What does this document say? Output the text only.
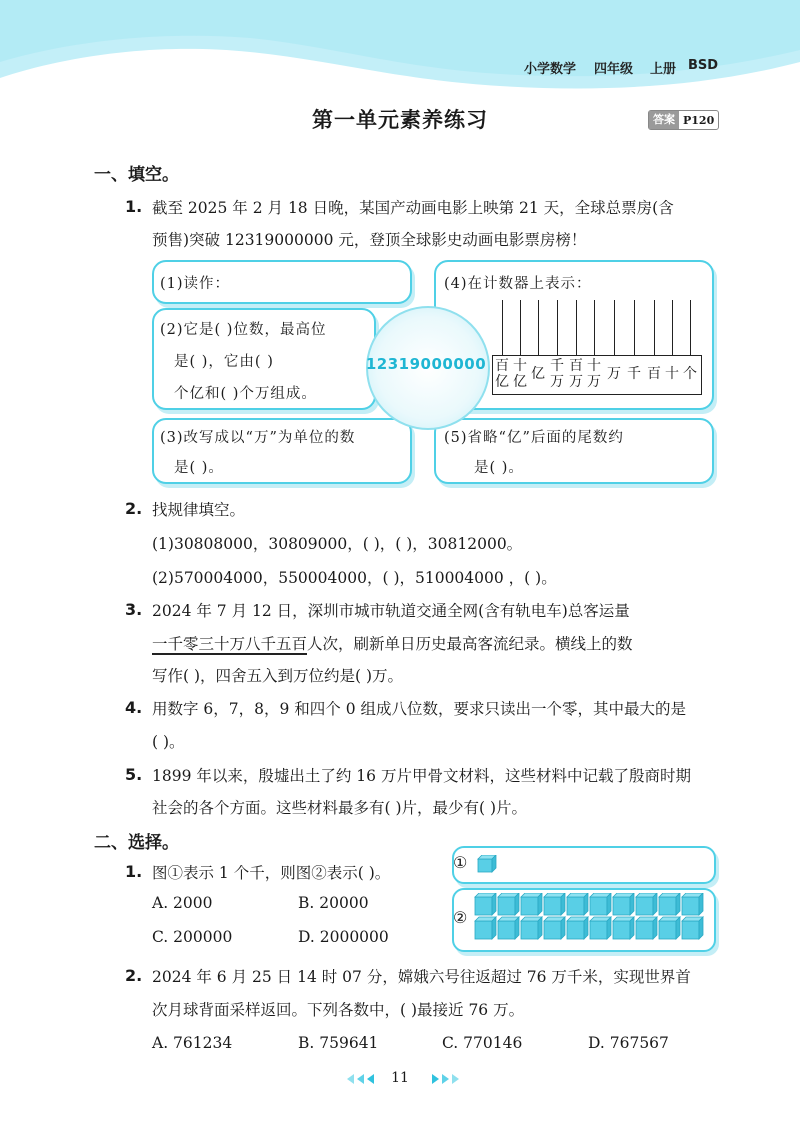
小学数学 四年级 上册 BSD
第一单元素养练习	答案 P120
一、填空。
1. 截至 2025 年 2 月 18 日晚，某国产动画电影上映第 21 天，全球总票房(含
预售)突破 12319000000 元，登顶全球影史动画电影票房榜！
(1)读作：
(2)它是( )位数，最高位
是( )，它由( )
个亿和( )个万组成。
(3)改写成以“万”为单位的数
是( )。
(4)在计数器上表示：
(5)省略“亿”后面的尾数约
是( )。
百亿
十亿 亿 千万
百万
十万 万 千 百 十 个
12319000000
2. 找规律填空。
(1)30808000，30809000，( )，( )，30812000。
(2)570004000，550004000，( )，510004000 ，( )。
3. 2024 年 7 月 12 日，深圳市城市轨道交通全网(含有轨电车)总客运量
一千零三十万八千五百人次，刷新单日历史最高客流纪录。横线上的数
写作( )，四舍五入到万位约是( )万。
4. 用数字 6，7，8，9 和四个 0 组成八位数，要求只读出一个零，其中最大的是
( )。
5. 1899 年以来，殷墟出土了约 16 万片甲骨文材料，这些材料中记载了殷商时期
社会的各个方面。这些材料最多有( )片，最少有( )片。
二、选择。
1. 图①表示 1 个千，则图②表示( )。
A. 2000	B. 20000
C. 200000	D. 2000000
①
②
2. 2024 年 6 月 25 日 14 时 07 分，嫦娥六号往返超过 76 万千米，实现世界首
次月球背面采样返回。下列各数中，( )最接近 76 万。
A. 761234	B. 759641	C. 770146	D. 767567
11
